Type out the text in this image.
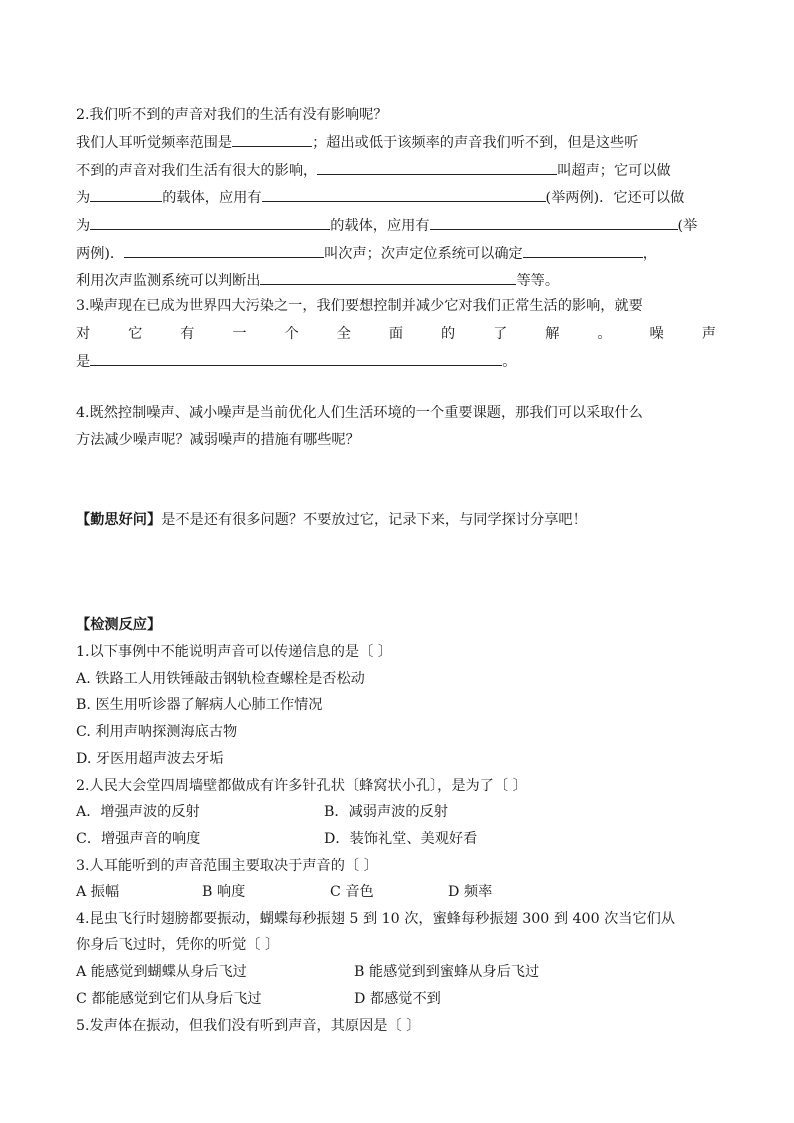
2.我们听不到的声音对我们的生活有没有影响呢？
我们人耳听觉频率范围是	；超出或低于该频率的声音我们听不到，但是这些听
不到的声音对我们生活有很大的影响，	叫超声；它可以做
为	的载体，应用有	(举两例)．它还可以做
为	的载体，应用有	(举
两例)．	叫次声；次声定位系统可以确定	，
利用次声监测系统可以判断出	等等。
3.噪声现在已成为世界四大污染之一，我们要想控制并减少它对我们正常生活的影响，就要
对	它	有	一	个	全	面	的	了	解	。	噪	声
是	。
4.既然控制噪声、减小噪声是当前优化人们生活环境的一个重要课题，那我们可以采取什么
方法减少噪声呢？减弱噪声的措施有哪些呢？
【勤思好问】是不是还有很多问题？不要放过它，记录下来，与同学探讨分享吧！
【检测反应】
1.以下事例中不能说明声音可以传递信息的是〔 〕
A. 铁路工人用铁锤敲击钢轨检查螺栓是否松动
B. 医生用听诊器了解病人心肺工作情况
C. 利用声呐探测海底古物
D. 牙医用超声波去牙垢
2.人民大会堂四周墙壁都做成有许多针孔状〔蜂窝状小孔〕，是为了〔 〕
A．增强声波的反射	B．减弱声波的反射
C．增强声音的响度	D．装饰礼堂、美观好看
3.人耳能听到的声音范围主要取决于声音的〔 〕
A 振幅	B 响度	C 音色	D 频率
4.昆虫飞行时翅膀都要振动，蝴蝶每秒振翅 5 到 10 次，蜜蜂每秒振翅 300 到 400 次当它们从
你身后飞过时，凭你的听觉〔 〕
A 能感觉到蝴蝶从身后飞过	B 能感觉到到蜜蜂从身后飞过
C 都能感觉到它们从身后飞过	D 都感觉不到
5.发声体在振动，但我们没有听到声音，其原因是〔 〕
